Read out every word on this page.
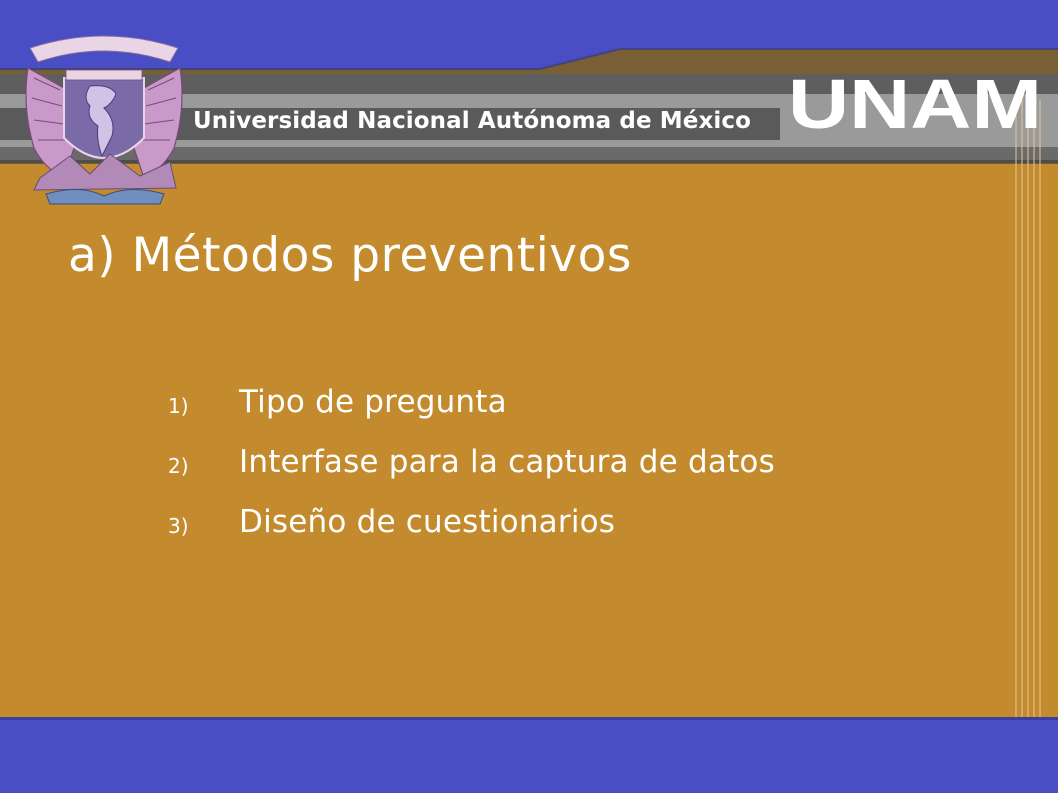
Universidad Nacional Autónoma de México UNAM
a) Métodos preventivos
1) Tipo de pregunta
2) Interfase para la captura de datos
3) Diseño de cuestionarios
